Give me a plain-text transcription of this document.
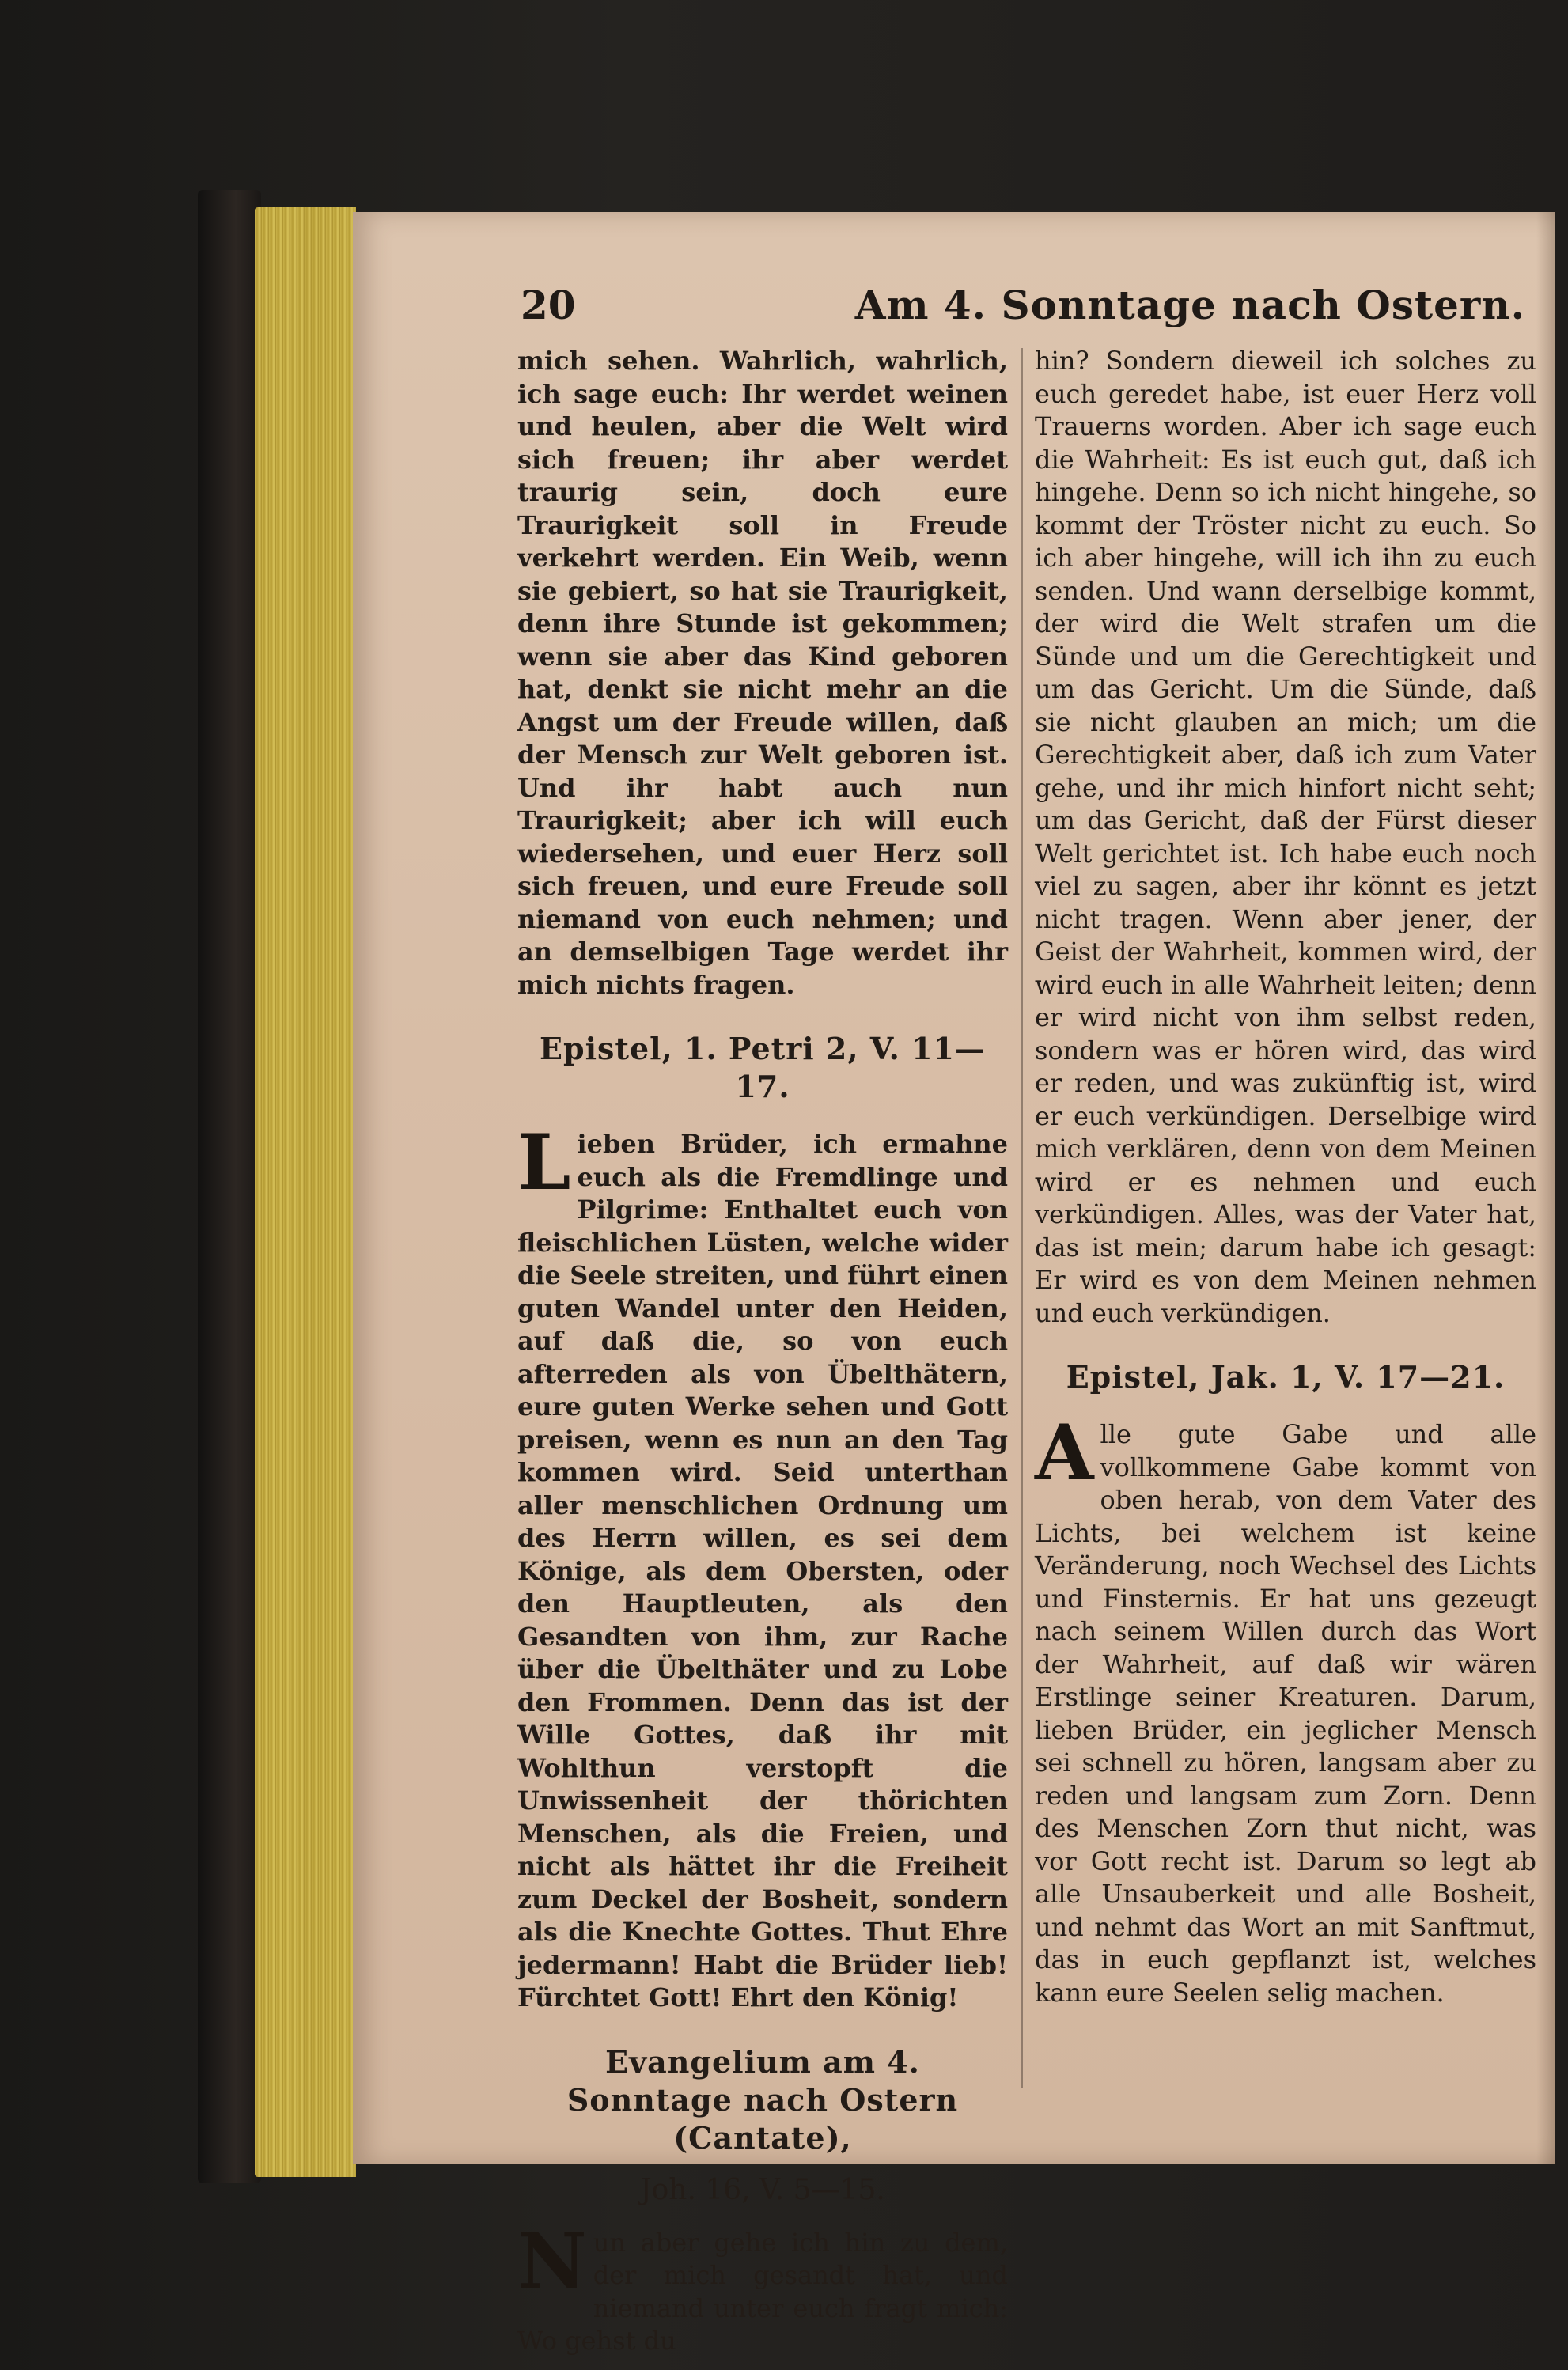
20	Am 4. Sonntage nach Ostern.

mich sehen. Wahrlich, wahrlich, ich sage euch: Ihr werdet weinen und heulen, aber die Welt wird sich freuen; ihr aber werdet traurig sein, doch eure Traurigkeit soll in Freude verkehrt werden. Ein Weib, wenn sie gebiert, so hat sie Traurigkeit, denn ihre Stunde ist gekommen; wenn sie aber das Kind geboren hat, denkt sie nicht mehr an die Angst um der Freude willen, daß der Mensch zur Welt geboren ist. Und ihr habt auch nun Traurigkeit; aber ich will euch wiedersehen, und euer Herz soll sich freuen, und eure Freude soll niemand von euch nehmen; und an demselbigen Tage werdet ihr mich nichts fragen.

Epistel, 1. Petri 2, V. 11—17.

Lieben Brüder, ich ermahne euch als die Fremdlinge und Pilgrime: Enthaltet euch von fleischlichen Lüsten, welche wider die Seele streiten, und führt einen guten Wandel unter den Heiden, auf daß die, so von euch afterreden als von Übelthätern, eure guten Werke sehen und Gott preisen, wenn es nun an den Tag kommen wird. Seid unterthan aller menschlichen Ordnung um des Herrn willen, es sei dem Könige, als dem Obersten, oder den Hauptleuten, als den Gesandten von ihm, zur Rache über die Übelthäter und zu Lobe den Frommen. Denn das ist der Wille Gottes, daß ihr mit Wohlthun verstopft die Unwissenheit der thörichten Menschen, als die Freien, und nicht als hättet ihr die Freiheit zum Deckel der Bosheit, sondern als die Knechte Gottes. Thut Ehre jedermann! Habt die Brüder lieb! Fürchtet Gott! Ehrt den König!

Evangelium am 4. Sonntage nach Ostern (Cantate),
Joh. 16, V. 5—15.

Nun aber gehe ich hin zu dem, der mich gesandt hat, und niemand unter euch fragt mich: Wo gehst du

hin? Sondern dieweil ich solches zu euch geredet habe, ist euer Herz voll Trauerns worden. Aber ich sage euch die Wahrheit: Es ist euch gut, daß ich hingehe. Denn so ich nicht hingehe, so kommt der Tröster nicht zu euch. So ich aber hingehe, will ich ihn zu euch senden. Und wann derselbige kommt, der wird die Welt strafen um die Sünde und um die Gerechtigkeit und um das Gericht. Um die Sünde, daß sie nicht glauben an mich; um die Gerechtigkeit aber, daß ich zum Vater gehe, und ihr mich hinfort nicht seht; um das Gericht, daß der Fürst dieser Welt gerichtet ist. Ich habe euch noch viel zu sagen, aber ihr könnt es jetzt nicht tragen. Wenn aber jener, der Geist der Wahrheit, kommen wird, der wird euch in alle Wahrheit leiten; denn er wird nicht von ihm selbst reden, sondern was er hören wird, das wird er reden, und was zukünftig ist, wird er euch verkündigen. Derselbige wird mich verklären, denn von dem Meinen wird er es nehmen und euch verkündigen. Alles, was der Vater hat, das ist mein; darum habe ich gesagt: Er wird es von dem Meinen nehmen und euch verkündigen.

Epistel, Jak. 1, V. 17—21.

Alle gute Gabe und alle vollkommene Gabe kommt von oben herab, von dem Vater des Lichts, bei welchem ist keine Veränderung, noch Wechsel des Lichts und Finsternis. Er hat uns gezeugt nach seinem Willen durch das Wort der Wahrheit, auf daß wir wären Erstlinge seiner Kreaturen. Darum, lieben Brüder, ein jeglicher Mensch sei schnell zu hören, langsam aber zu reden und langsam zum Zorn. Denn des Menschen Zorn thut nicht, was vor Gott recht ist. Darum so legt ab alle Unsauberkeit und alle Bosheit, und nehmt das Wort an mit Sanftmut, das in euch gepflanzt ist, welches kann eure Seelen selig machen.
